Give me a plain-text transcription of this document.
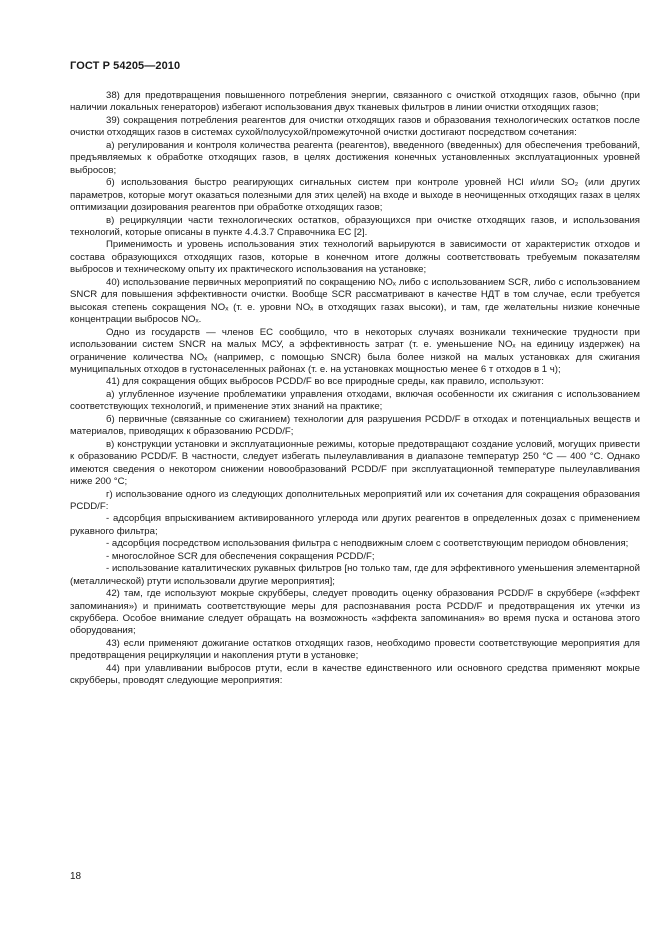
ГОСТ Р 54205—2010

38) для предотвращения повышенного потребления энергии, связанного с очисткой отходящих газов, обычно (при наличии локальных генераторов) избегают использования двух тканевых фильтров в линии очистки отходящих газов;

39) сокращения потребления реагентов для очистки отходящих газов и образования технологических остатков после очистки отходящих газов в системах сухой/полусухой/промежуточной очистки достигают посредством сочетания:

а) регулирования и контроля количества реагента (реагентов), введенного (введенных) для обеспечения требований, предъявляемых к обработке отходящих газов, в целях достижения конечных установленных эксплуатационных уровней выбросов;

б) использования быстро реагирующих сигнальных систем при контроле уровней HCl и/или SO₂ (или других параметров, которые могут оказаться полезными для этих целей) на входе и выходе в неочищенных отходящих газах в целях оптимизации дозирования реагентов при обработке отходящих газов;

в) рециркуляции части технологических остатков, образующихся при очистке отходящих газов, и использования технологий, которые описаны в пункте 4.4.3.7 Справочника ЕС [2].

Применимость и уровень использования этих технологий варьируются в зависимости от характеристик отходов и состава образующихся отходящих газов, которые в конечном итоге должны соответствовать требуемым показателям выбросов и техническому опыту их практического использования на установке;

40) использование первичных мероприятий по сокращению NOₓ либо с использованием SCR, либо с использованием SNCR для повышения эффективности очистки. Вообще SCR рассматривают в качестве НДТ в том случае, если требуется высокая степень сокращения NOₓ (т. е. уровни NOₓ в отходящих газах высоки), и там, где желательны низкие конечные концентрации выбросов NOₓ.

Одно из государств — членов ЕС сообщило, что в некоторых случаях возникали технические трудности при использовании систем SNCR на малых МСУ, а эффективность затрат (т. е. уменьшение NOₓ на единицу издержек) на ограничение количества NOₓ (например, с помощью SNCR) была более низкой на малых установках для сжигания муниципальных отходов в густонаселенных районах (т. е. на установках мощностью менее 6 т отходов в 1 ч);

41) для сокращения общих выбросов PCDD/F во все природные среды, как правило, используют:

а) углубленное изучение проблематики управления отходами, включая особенности их сжигания с использованием соответствующих технологий, и применение этих знаний на практике;

б) первичные (связанные со сжиганием) технологии для разрушения PCDD/F в отходах и потенциальных веществ и материалов, приводящих к образованию PCDD/F;

в) конструкции установки и эксплуатационные режимы, которые предотвращают создание условий, могущих привести к образованию PCDD/F. В частности, следует избегать пылеулавливания в диапазоне температур 250 °С — 400 °С. Однако имеются сведения о некотором снижении новообразований PCDD/F при эксплуатационной температуре пылеулавливания ниже 200 °С;

г) использование одного из следующих дополнительных мероприятий или их сочетания для сокращения образования PCDD/F:

- адсорбция впрыскиванием активированного углерода или других реагентов в определенных дозах с применением рукавного фильтра;

- адсорбция посредством использования фильтра с неподвижным слоем с соответствующим периодом обновления;

- многослойное SCR для обеспечения сокращения PCDD/F;

- использование каталитических рукавных фильтров [но только там, где для эффективного уменьшения элементарной (металлической) ртути использовали другие мероприятия];

42) там, где используют мокрые скрубберы, следует проводить оценку образования PCDD/F в скруббере («эффект запоминания») и принимать соответствующие меры для распознавания роста PCDD/F и предотвращения их утечки из скруббера. Особое внимание следует обращать на возможность «эффекта запоминания» во время пуска и останова этого оборудования;

43) если применяют дожигание остатков отходящих газов, необходимо провести соответствующие мероприятия для предотвращения рециркуляции и накопления ртути в установке;

44) при улавливании выбросов ртути, если в качестве единственного или основного средства применяют мокрые скрубберы, проводят следующие мероприятия:

18
